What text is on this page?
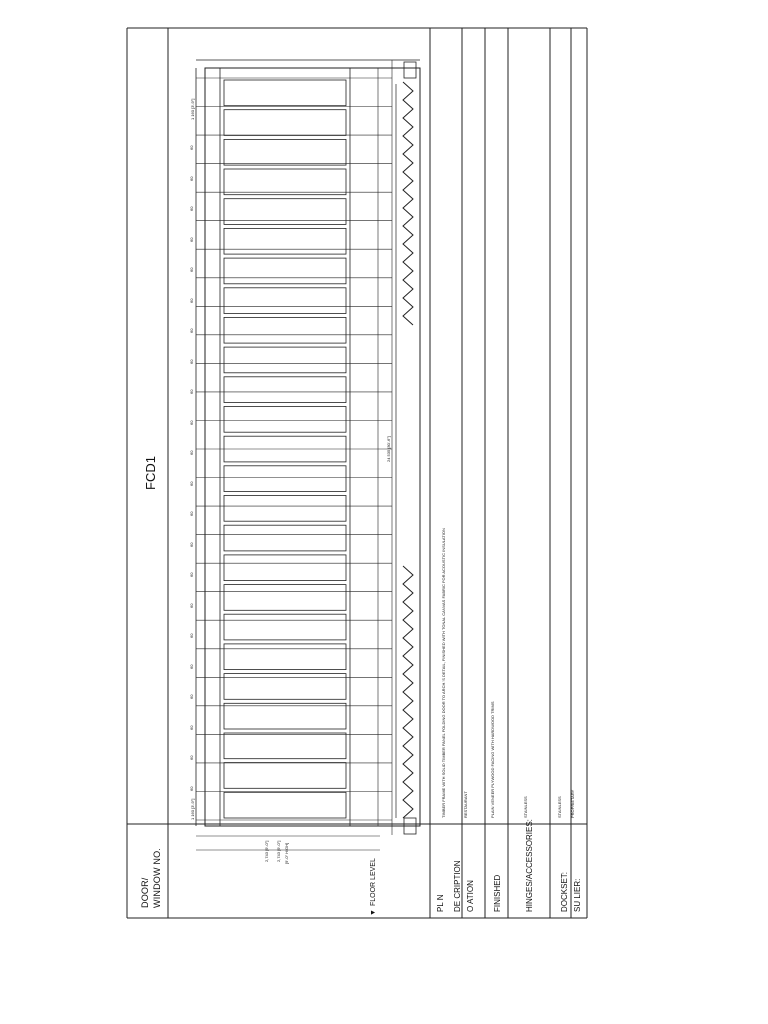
FCD1
DOOR/ WINDOW NO.
▼
FLOOR LEVEL
24 535 [80'-6"]
2,743 [9'-0"] 2,743 [9'-0"] [9'-0" HIGH]
1 160 [3'-9"]
1 160 [3'-9"]
60
60
60
60
60
60
60
60
60
60
60
60
60
60
60
60
60
60
60
60
60
60
PL N DE CRIPTION
TIMBER FRAME WITH SOLID TIMBER PANEL FOLDING DOOR TO ARCH.'S DETAIL, FINISHED WITH TONAL CANVAS FABRIC FOR ACOUSTIC INSULATION
O ATION
RESTAURANT
FINISHED
PLAIN VENEER PLYWOOD FACING WITH HARDWOOD TRIMS
HINGES/ACCESSORIES:
STAINLESS
DOCKSET:
STAINLESS
SU LIER:
PROPRIETARY
